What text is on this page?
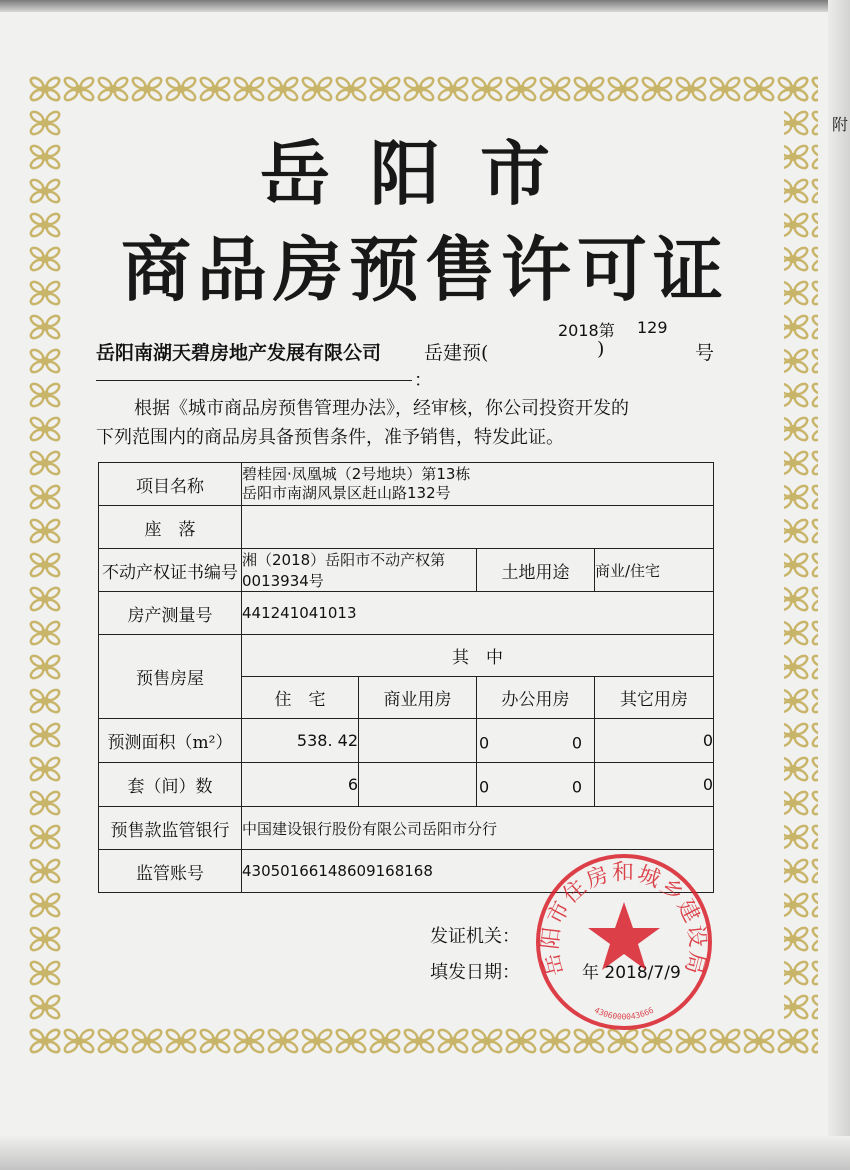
附
岳阳市
商品房预售许可证
2018第 129
岳阳南湖天碧房地产发展有限公司 岳建预(	)	号
：

根据《城市商品房预售管理办法》，经审核，你公司投资开发的

下列范围内的商品房具备预售条件，准予销售，特发此证。

项目名称	碧桂园·凤凰城（2号地块）第13栋
岳阳市南湖风景区赶山路132号			

座　落				
不动产权证书编号	湘（2018）岳阳市不动产权第0013934号		土地用途	商业/住宅
房产测量号	441241041013			
预售房屋	其　中			
	住　宅	商业用房	办公用房	其它用房
预测面积（m²）	538. 42		0 0	0
套（间）数	6		0 0	0
预售款监管银行	中国建设银行股份有限公司岳阳市分行			
监管账号	43050166148609168168			
发证机关：
填发日期：	年 2018/7/9
岳阳市住房和城乡建设局
4306000043666
